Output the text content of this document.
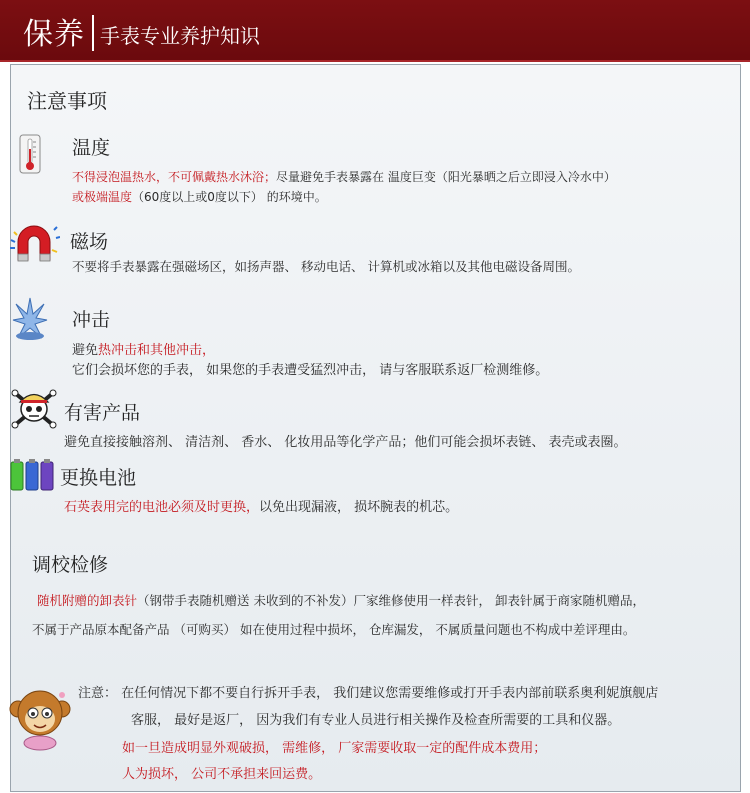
保养 手表专业养护知识
注意事项
温度
不得浸泡温热水，不可佩戴热水沐浴；尽量避免手表暴露在 温度巨变（阳光暴晒之后立即浸入冷水中）
或极端温度（60度以上或0度以下） 的环境中。
磁场
不要将手表暴露在强磁场区，如扬声器、 移动电话、 计算机或冰箱以及其他电磁设备周围。
冲击
避免热冲击和其他冲击，
它们会损坏您的手表， 如果您的手表遭受猛烈冲击， 请与客服联系返厂检测维修。
有害产品
避免直接接触溶剂、 清洁剂、 香水、 化妆用品等化学产品；他们可能会损坏表链、 表壳或表圈。
更换电池
石英表用完的电池必须及时更换，以免出现漏液， 损坏腕表的机芯。
调校检修
随机附赠的卸表针（钢带手表随机赠送 未收到的不补发）厂家维修使用一样表针， 卸表针属于商家随机赠品，
不属于产品原本配备产品 （可购买） 如在使用过程中损坏， 仓库漏发， 不属质量问题也不构成中差评理由。
注意： 在任何情况下都不要自行拆开手表， 我们建议您需要维修或打开手表内部前联系奥利妮旗舰店
客服， 最好是返厂， 因为我们有专业人员进行相关操作及检查所需要的工具和仪器。
如一旦造成明显外观破损， 需维修， 厂家需要收取一定的配件成本费用；
人为损坏， 公司不承担来回运费。
